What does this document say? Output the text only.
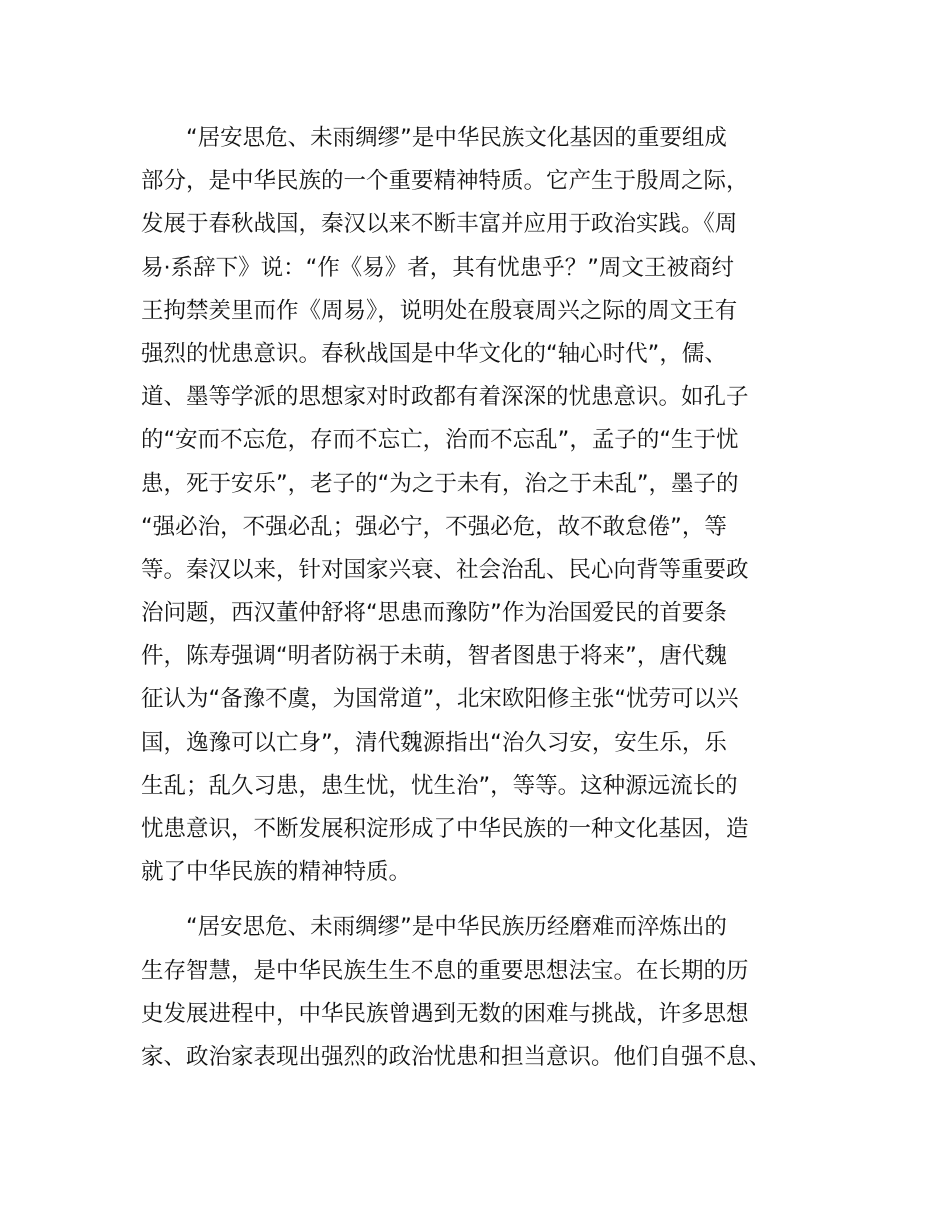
“居安思危、未雨绸缪”是中华民族文化基因的重要组成
部分，是中华民族的一个重要精神特质。它产生于殷周之际，
发展于春秋战国，秦汉以来不断丰富并应用于政治实践。《周
易·系辞下》说：“作《易》者，其有忧患乎？”周文王被商纣
王拘禁羑里而作《周易》，说明处在殷衰周兴之际的周文王有
强烈的忧患意识。春秋战国是中华文化的“轴心时代”，儒、
道、墨等学派的思想家对时政都有着深深的忧患意识。如孔子
的“安而不忘危，存而不忘亡，治而不忘乱”，孟子的“生于忧
患，死于安乐”，老子的“为之于未有，治之于未乱”，墨子的
“强必治，不强必乱；强必宁，不强必危，故不敢怠倦”，等
等。秦汉以来，针对国家兴衰、社会治乱、民心向背等重要政
治问题，西汉董仲舒将“思患而豫防”作为治国爱民的首要条
件，陈寿强调“明者防祸于未萌，智者图患于将来”，唐代魏
征认为“备豫不虞，为国常道”，北宋欧阳修主张“忧劳可以兴
国，逸豫可以亡身”，清代魏源指出“治久习安，安生乐，乐
生乱；乱久习患，患生忧，忧生治”，等等。这种源远流长的
忧患意识，不断发展积淀形成了中华民族的一种文化基因，造
就了中华民族的精神特质。
“居安思危、未雨绸缪”是中华民族历经磨难而淬炼出的
生存智慧，是中华民族生生不息的重要思想法宝。在长期的历
史发展进程中，中华民族曾遇到无数的困难与挑战，许多思想
家、政治家表现出强烈的政治忧患和担当意识。他们自强不息、
